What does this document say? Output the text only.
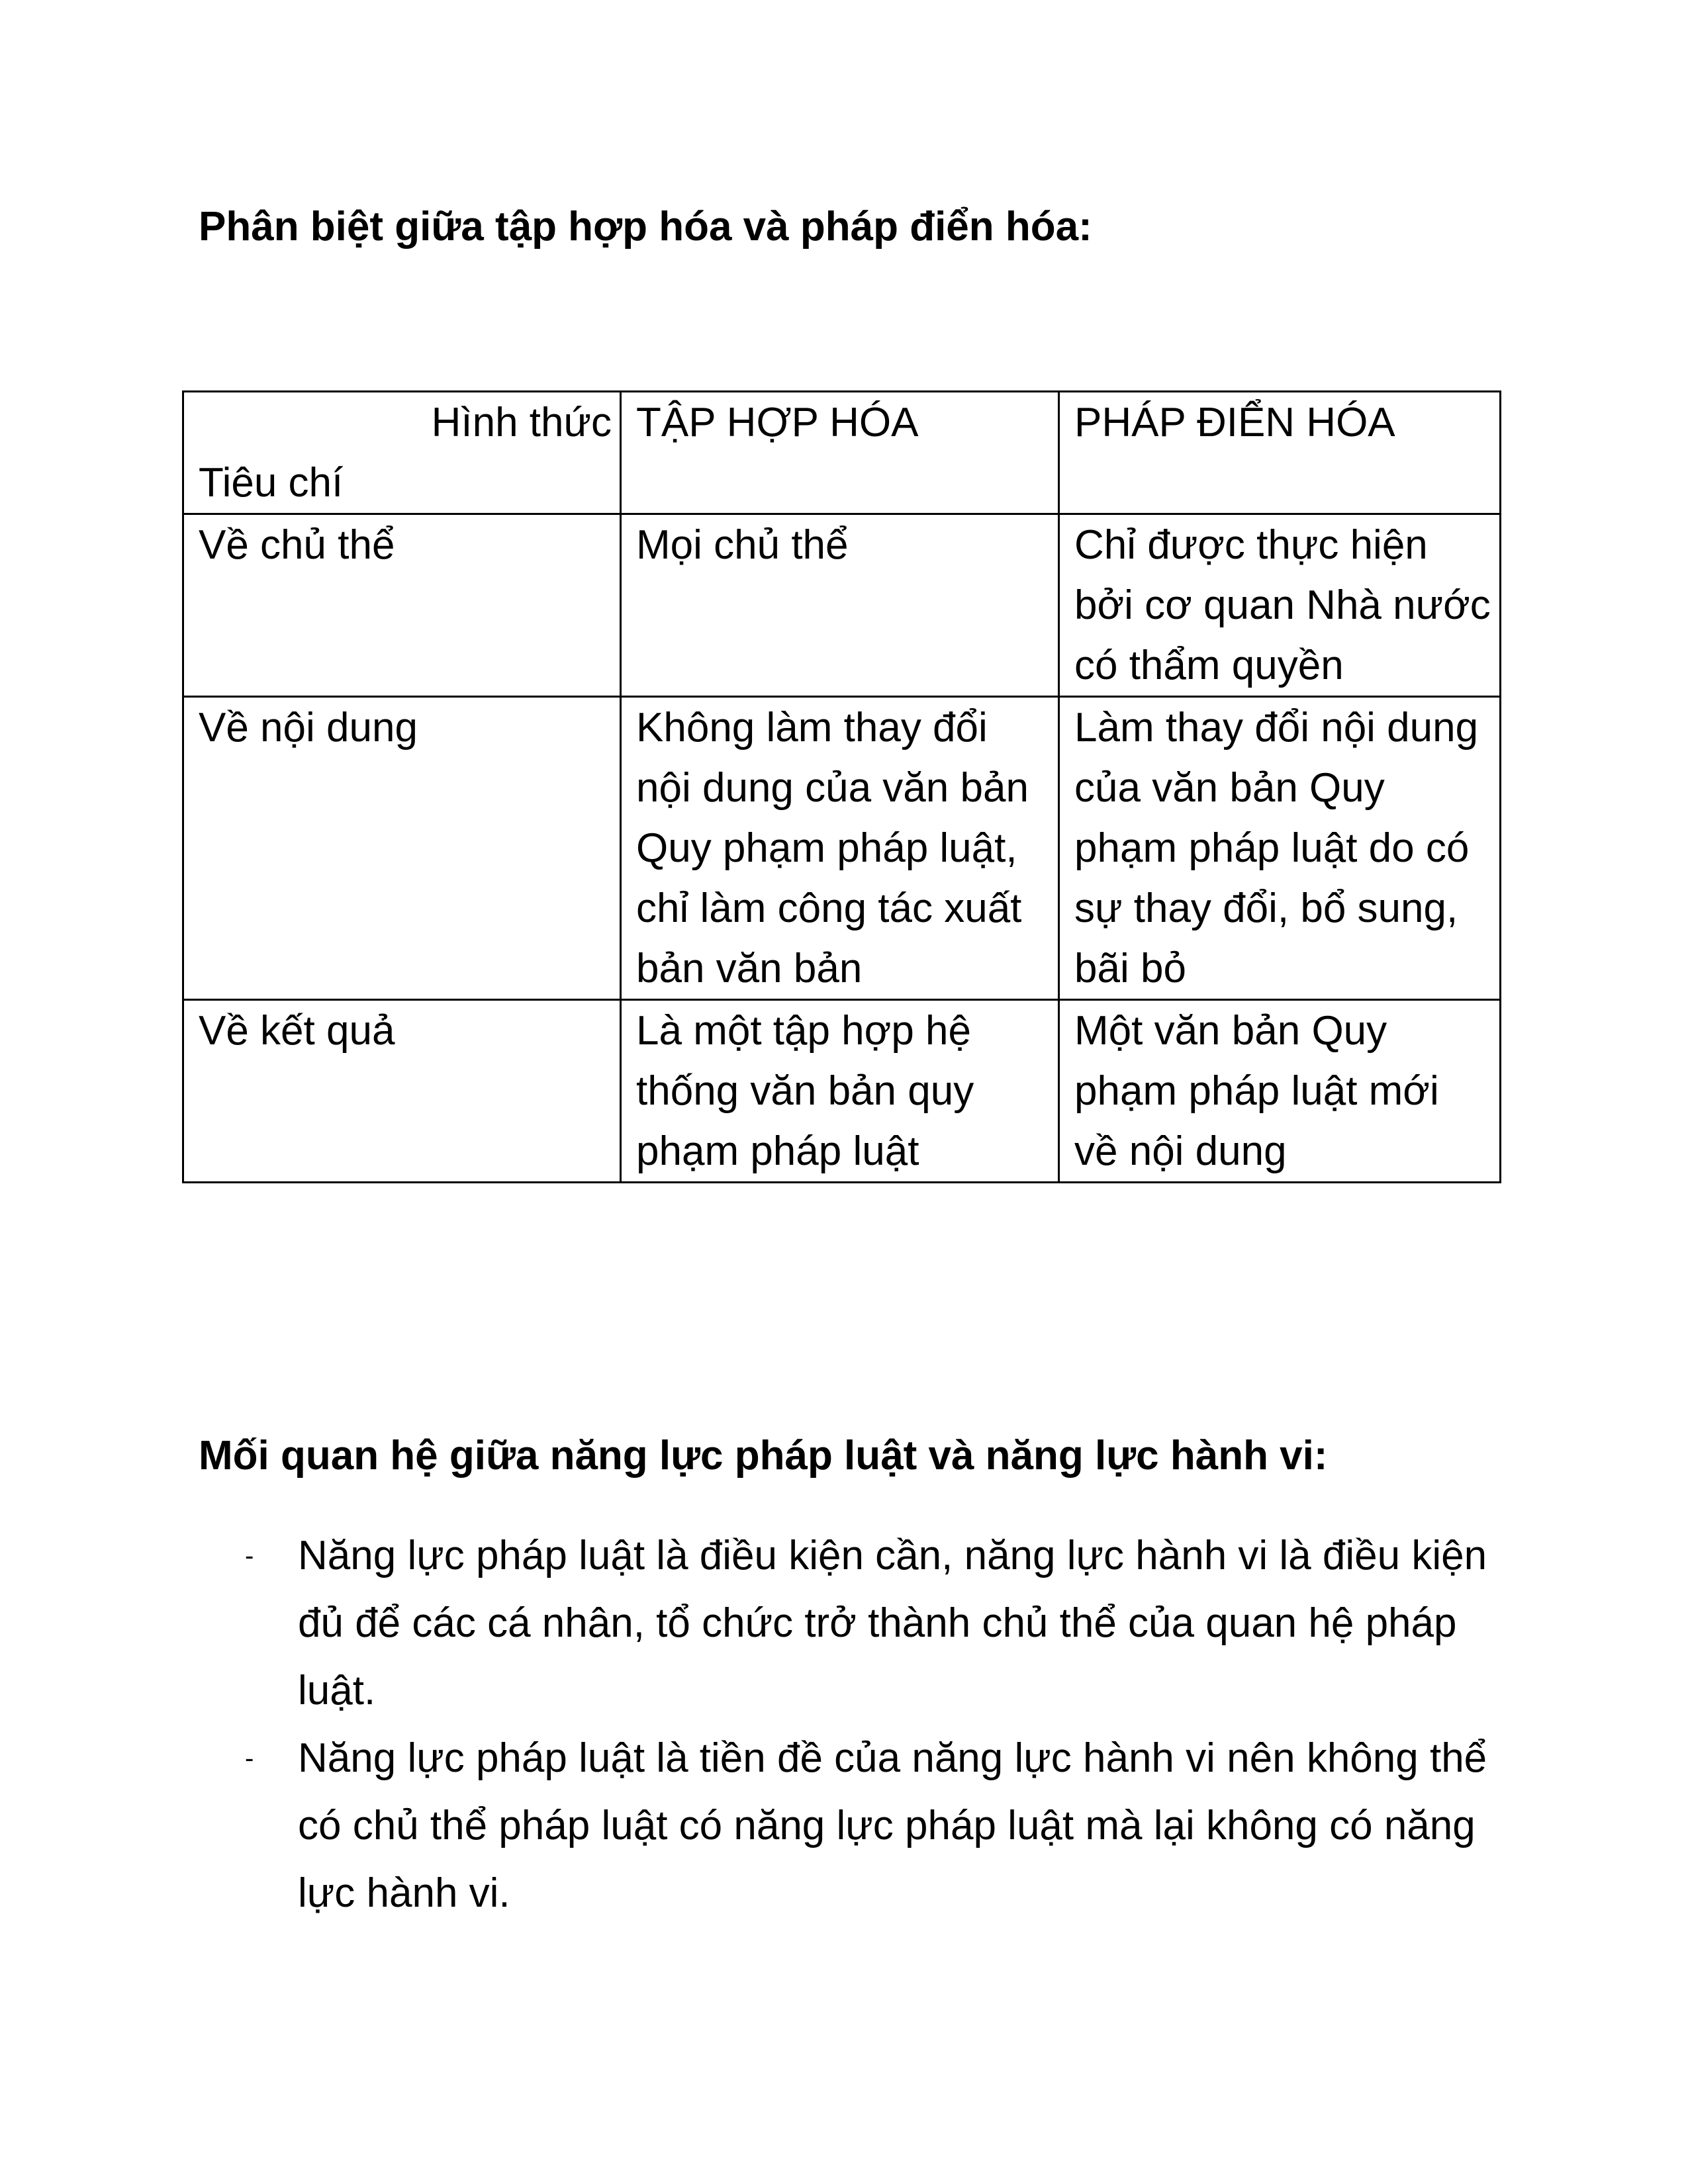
Phân biệt giữa tập hợp hóa và pháp điển hóa:
Hình thức
Tiêu chí	TẬP HỢP HÓA	PHÁP ĐIỂN HÓA
Về chủ thể	Mọi chủ thể	Chỉ được thực hiện bởi cơ quan Nhà nước có thẩm quyền
Về nội dung	Không làm thay đổi nội dung của văn bản Quy phạm pháp luật, chỉ làm công tác xuất bản văn bản	Làm thay đổi nội dung của văn bản Quy phạm pháp luật do có sự thay đổi, bổ sung, bãi bỏ
Về kết quả	Là một tập hợp hệ thống văn bản quy phạm pháp luật	Một văn bản Quy phạm pháp luật mới về nội dung
Mối quan hệ giữa năng lực pháp luật và năng lực hành vi:
- Năng lực pháp luật là điều kiện cần, năng lực hành vi là điều kiện đủ để các cá nhân, tổ chức trở thành chủ thể của quan hệ pháp luật.
- Năng lực pháp luật là tiền đề của năng lực hành vi nên không thể có chủ thể pháp luật có năng lực pháp luật mà lại không có năng lực hành vi.
